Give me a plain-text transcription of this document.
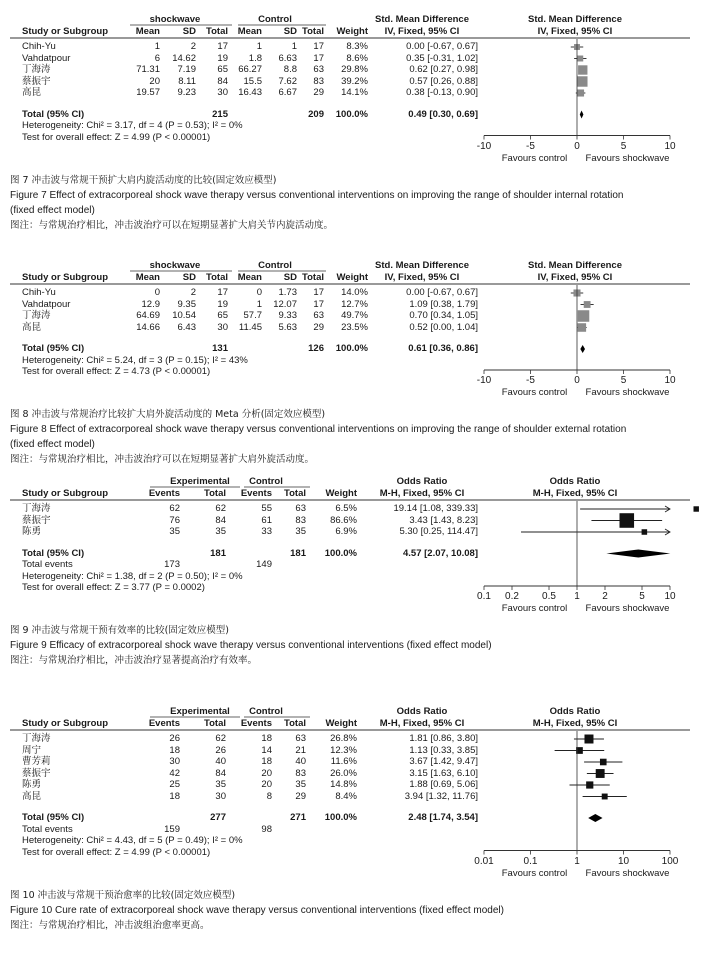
shockwave	Control	Std. Mean Difference	Std. Mean Difference
Study or Subgroup	Mean SD Total Mean SD Total Weight	IV, Fixed, 95% CI	IV, Fixed, 95% CI
Chih-Yu	1	2 17	1	1 17 8.3%	0.00 [-0.67, 0.67]
Vahdatpour	6 14.62 19 1.8 6.63 17 8.6%	0.35 [-0.31, 1.02]
丁海涛	71.31 7.19 65 66.27 8.8 63 29.8%	0.62 [0.27, 0.98]
蔡振宇	20 8.11 84 15.5 7.62 83 39.2%	0.57 [0.26, 0.88]
高昆	19.57 9.23 30 16.43 6.67 29 14.1%	0.38 [-0.13, 0.90]
Total (95% CI)	215	209 100.0%	0.49 [0.30, 0.69]
Heterogeneity: Chi² = 3.17, df = 4 (P = 0.53); I² = 0%
Test for overall effect: Z = 4.99 (P < 0.00001)
-10	-5	0	5	10
Favours control	Favours shockwave
图 7 冲击波与常规干预扩大肩内旋活动度的比较(固定效应模型)
Figure 7 Effect of extracorporeal shock wave therapy versus conventional interventions on improving the range of shoulder internal rotation
(fixed effect model)
图注：与常规治疗相比，冲击波治疗可以在短期显著扩大肩关节内旋活动度。
shockwave	Control	Std. Mean Difference	Std. Mean Difference
Study or Subgroup	Mean SD Total Mean SD Total Weight	IV, Fixed, 95% CI	IV, Fixed, 95% CI
Chih-Yu	0	2 17	0 1.73 17 14.0%	0.00 [-0.67, 0.67]
Vahdatpour	12.9 9.35 19	1 12.07 17 12.7%	1.09 [0.38, 1.79]
丁海涛	64.69 10.54 65 57.7 9.33 63 49.7%	0.70 [0.34, 1.05]
高昆	14.66 6.43 30 11.45 5.63 29 23.5%	0.52 [0.00, 1.04]
Total (95% CI)	131	126 100.0%	0.61 [0.36, 0.86]
Heterogeneity: Chi² = 5.24, df = 3 (P = 0.15); I² = 43%
Test for overall effect: Z = 4.73 (P < 0.00001)
-10	-5	0	5	10
Favours control	Favours shockwave
图 8 冲击波与常规治疗比较扩大肩外旋活动度的 Meta 分析(固定效应模型)
Figure 8 Effect of extracorporeal shock wave therapy versus conventional interventions on improving the range of shoulder external rotation
(fixed effect model)
图注：与常规治疗相比，冲击波治疗可以在短期显著扩大肩外旋活动度。
Experimental	Control	Odds Ratio	Odds Ratio
Study or Subgroup	Events	Total Events Total Weight	M-H, Fixed, 95% CI	M-H, Fixed, 95% CI
丁海涛	62	62	55 63	6.5%	19.14 [1.08, 339.33]
蔡振宇	76	84	61 83	86.6%	3.43 [1.43, 8.23]
陈勇	35	35	33 35	6.9%	5.30 [0.25, 114.47]
Total (95% CI)	181	181 100.0%	4.57 [2.07, 10.08]
Total events	173	149
Heterogeneity: Chi² = 1.38, df = 2 (P = 0.50); I² = 0%
Test for overall effect: Z = 3.77 (P = 0.0002)
0.1	0.2	0.5	1	2	5	10
Favours control	Favours shockwave
图 9 冲击波与常规干预有效率的比较(固定效应模型)
Figure 9 Efficacy of extracorporeal shock wave therapy versus conventional interventions (fixed effect model)
图注：与常规治疗相比，冲击波治疗显著提高治疗有效率。
Experimental	Control	Odds Ratio	Odds Ratio
Study or Subgroup	Events	Total Events Total Weight	M-H, Fixed, 95% CI	M-H, Fixed, 95% CI
丁海涛	26	62	18 63	26.8%	1.81 [0.86, 3.80]
周宁	18	26	14 21	12.3%	1.13 [0.33, 3.85]
曹芳莉	30	40	18 40	11.6%	3.67 [1.42, 9.47]
蔡振宇	42	84	20 83	26.0%	3.15 [1.63, 6.10]
陈勇	25	35	20 35	14.8%	1.88 [0.69, 5.06]
高昆	18	30	8 29	8.4%	3.94 [1.32, 11.76]
Total (95% CI)	277	271 100.0%	2.48 [1.74, 3.54]
Total events	159	98
Heterogeneity: Chi² = 4.43, df = 5 (P = 0.49); I² = 0%
Test for overall effect: Z = 4.99 (P < 0.00001)
0.01	0.1	1	10	100
Favours control	Favours shockwave
图 10 冲击波与常规干预治愈率的比较(固定效应模型)
Figure 10 Cure rate of extracorporeal shock wave therapy versus conventional interventions (fixed effect model)
图注：与常规治疗相比，冲击波组治愈率更高。
